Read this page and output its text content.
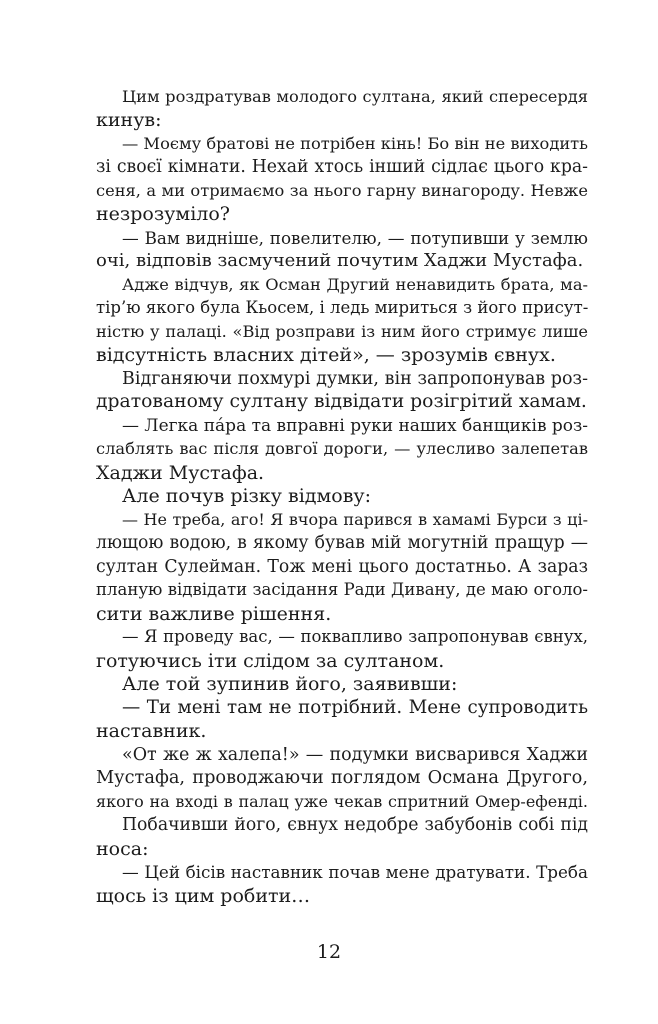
Цим роздратував молодого султана, який спересердя
кинув:
— Моєму братові не потрібен кінь! Бо він не виходить
зі своєї кімнати. Нехай хтось інший сідлає цього кра-
сеня, а ми отримаємо за нього гарну винагороду. Невже
незрозуміло?
— Вам видніше, повелителю, — потупивши у землю
очі, відповів засмучений почутим Хаджи Мустафа.
Адже відчув, як Осман Другий ненавидить брата, ма-
тір’ю якого була Кьосем, і ледь мириться з його присут-
ністю у палаці. «Від розправи із ним його стримує лише
відсутність власних дітей», — зрозумів євнух.
Відганяючи похмурі думки, він запропонував роз-
дратованому султану відвідати розігрітий хамам.
— Легка пáра та вправні руки наших банщиків роз-
слаблять вас після довгої дороги, — улесливо залепетав
Хаджи Мустафа.
Але почув різку відмову:
— Не треба, аго! Я вчора парився в хамамі Бурси з ці-
лющою водою, в якому бував мій могутній пращур —
султан Сулейман. Тож мені цього достатньо. А зараз
планую відвідати засідання Ради Дивану, де маю оголо-
сити важливе рішення.
— Я проведу вас, — поквапливо запропонував євнух,
готуючись іти слідом за султаном.
Але той зупинив його, заявивши:
— Ти мені там не потрібний. Мене супроводить
наставник.
«От же ж халепа!» — подумки висварився Хаджи
Мустафа, проводжаючи поглядом Османа Другого,
якого на вході в палац уже чекав спритний Омер-ефенді.
Побачивши його, євнух недобре забубонів собі під
носа:
— Цей бісів наставник почав мене дратувати. Треба
щось із цим робити…
12
